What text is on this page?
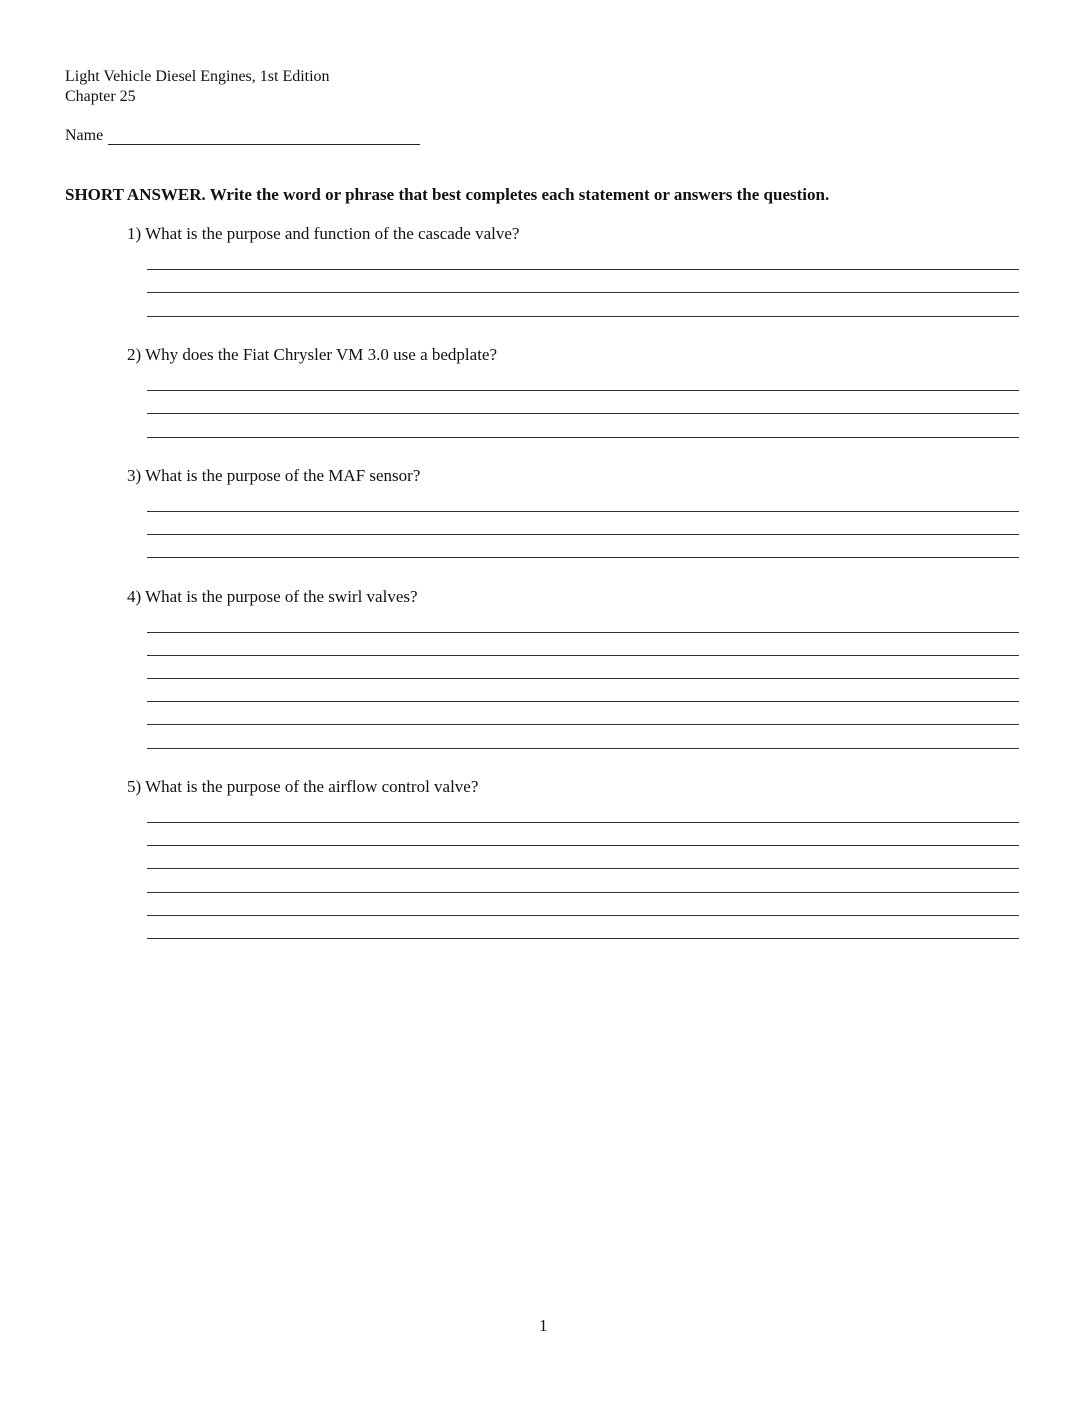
Light Vehicle Diesel Engines, 1st Edition

Chapter 25

Name

SHORT ANSWER. Write the word or phrase that best completes each statement or answers the question.

1) What is the purpose and function of the cascade valve?

2) Why does the Fiat Chrysler VM 3.0 use a bedplate?

3) What is the purpose of the MAF sensor?

4) What is the purpose of the swirl valves?

5) What is the purpose of the airflow control valve?

1
